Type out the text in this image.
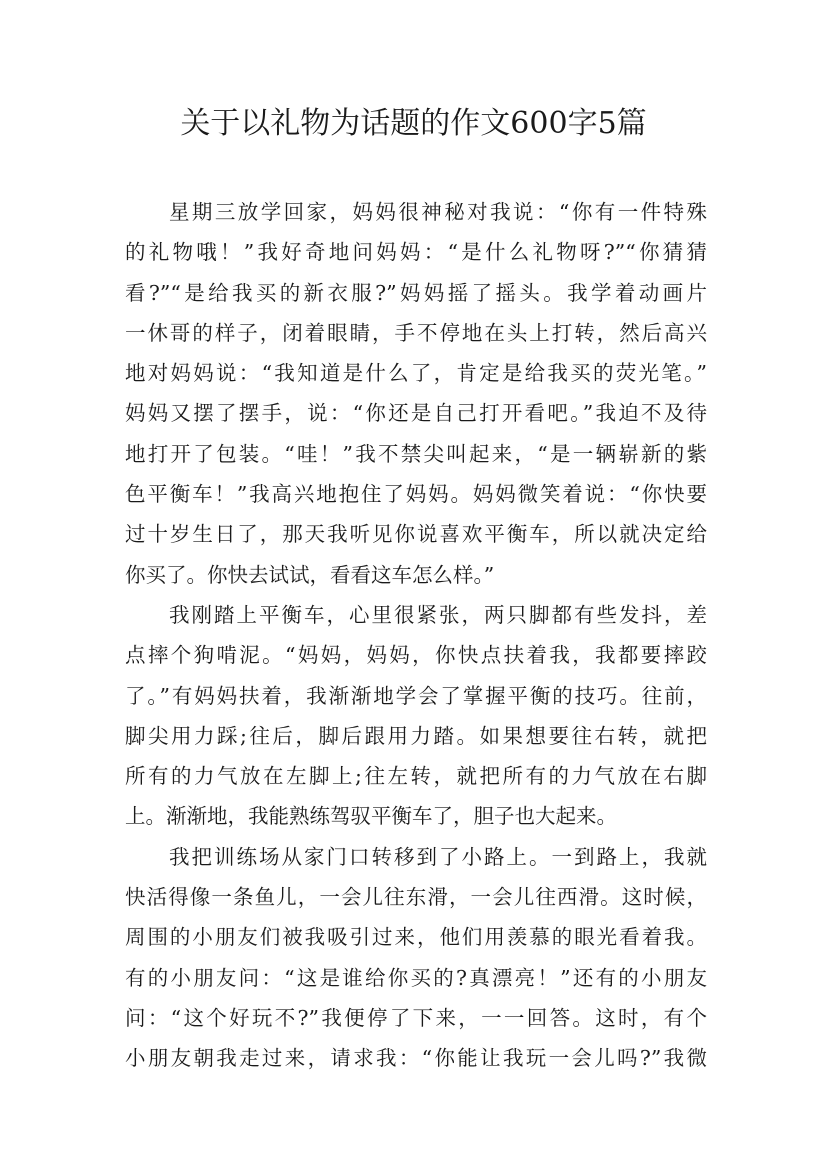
关于以礼物为话题的作文600字5篇
星期三放学回家，妈妈很神秘对我说：“你有一件特殊
的礼物哦！”我好奇地问妈妈：“是什么礼物呀?”“你猜猜
看?”“是给我买的新衣服?”妈妈摇了摇头。我学着动画片
一休哥的样子，闭着眼睛，手不停地在头上打转，然后高兴
地对妈妈说：“我知道是什么了，肯定是给我买的荧光笔。”
妈妈又摆了摆手，说：“你还是自己打开看吧。”我迫不及待
地打开了包装。“哇！”我不禁尖叫起来，“是一辆崭新的紫
色平衡车！”我高兴地抱住了妈妈。妈妈微笑着说：“你快要
过十岁生日了，那天我听见你说喜欢平衡车，所以就决定给
你买了。你快去试试，看看这车怎么样。”
我刚踏上平衡车，心里很紧张，两只脚都有些发抖，差
点摔个狗啃泥。“妈妈，妈妈，你快点扶着我，我都要摔跤
了。”有妈妈扶着，我渐渐地学会了掌握平衡的技巧。往前，
脚尖用力踩;往后，脚后跟用力踏。如果想要往右转，就把
所有的力气放在左脚上;往左转，就把所有的力气放在右脚
上。渐渐地，我能熟练驾驭平衡车了，胆子也大起来。
我把训练场从家门口转移到了小路上。一到路上，我就
快活得像一条鱼儿，一会儿往东滑，一会儿往西滑。这时候，
周围的小朋友们被我吸引过来，他们用羡慕的眼光看着我。
有的小朋友问：“这是谁给你买的?真漂亮！”还有的小朋友
问：“这个好玩不?”我便停了下来，一一回答。这时，有个
小朋友朝我走过来，请求我：“你能让我玩一会儿吗?”我微
